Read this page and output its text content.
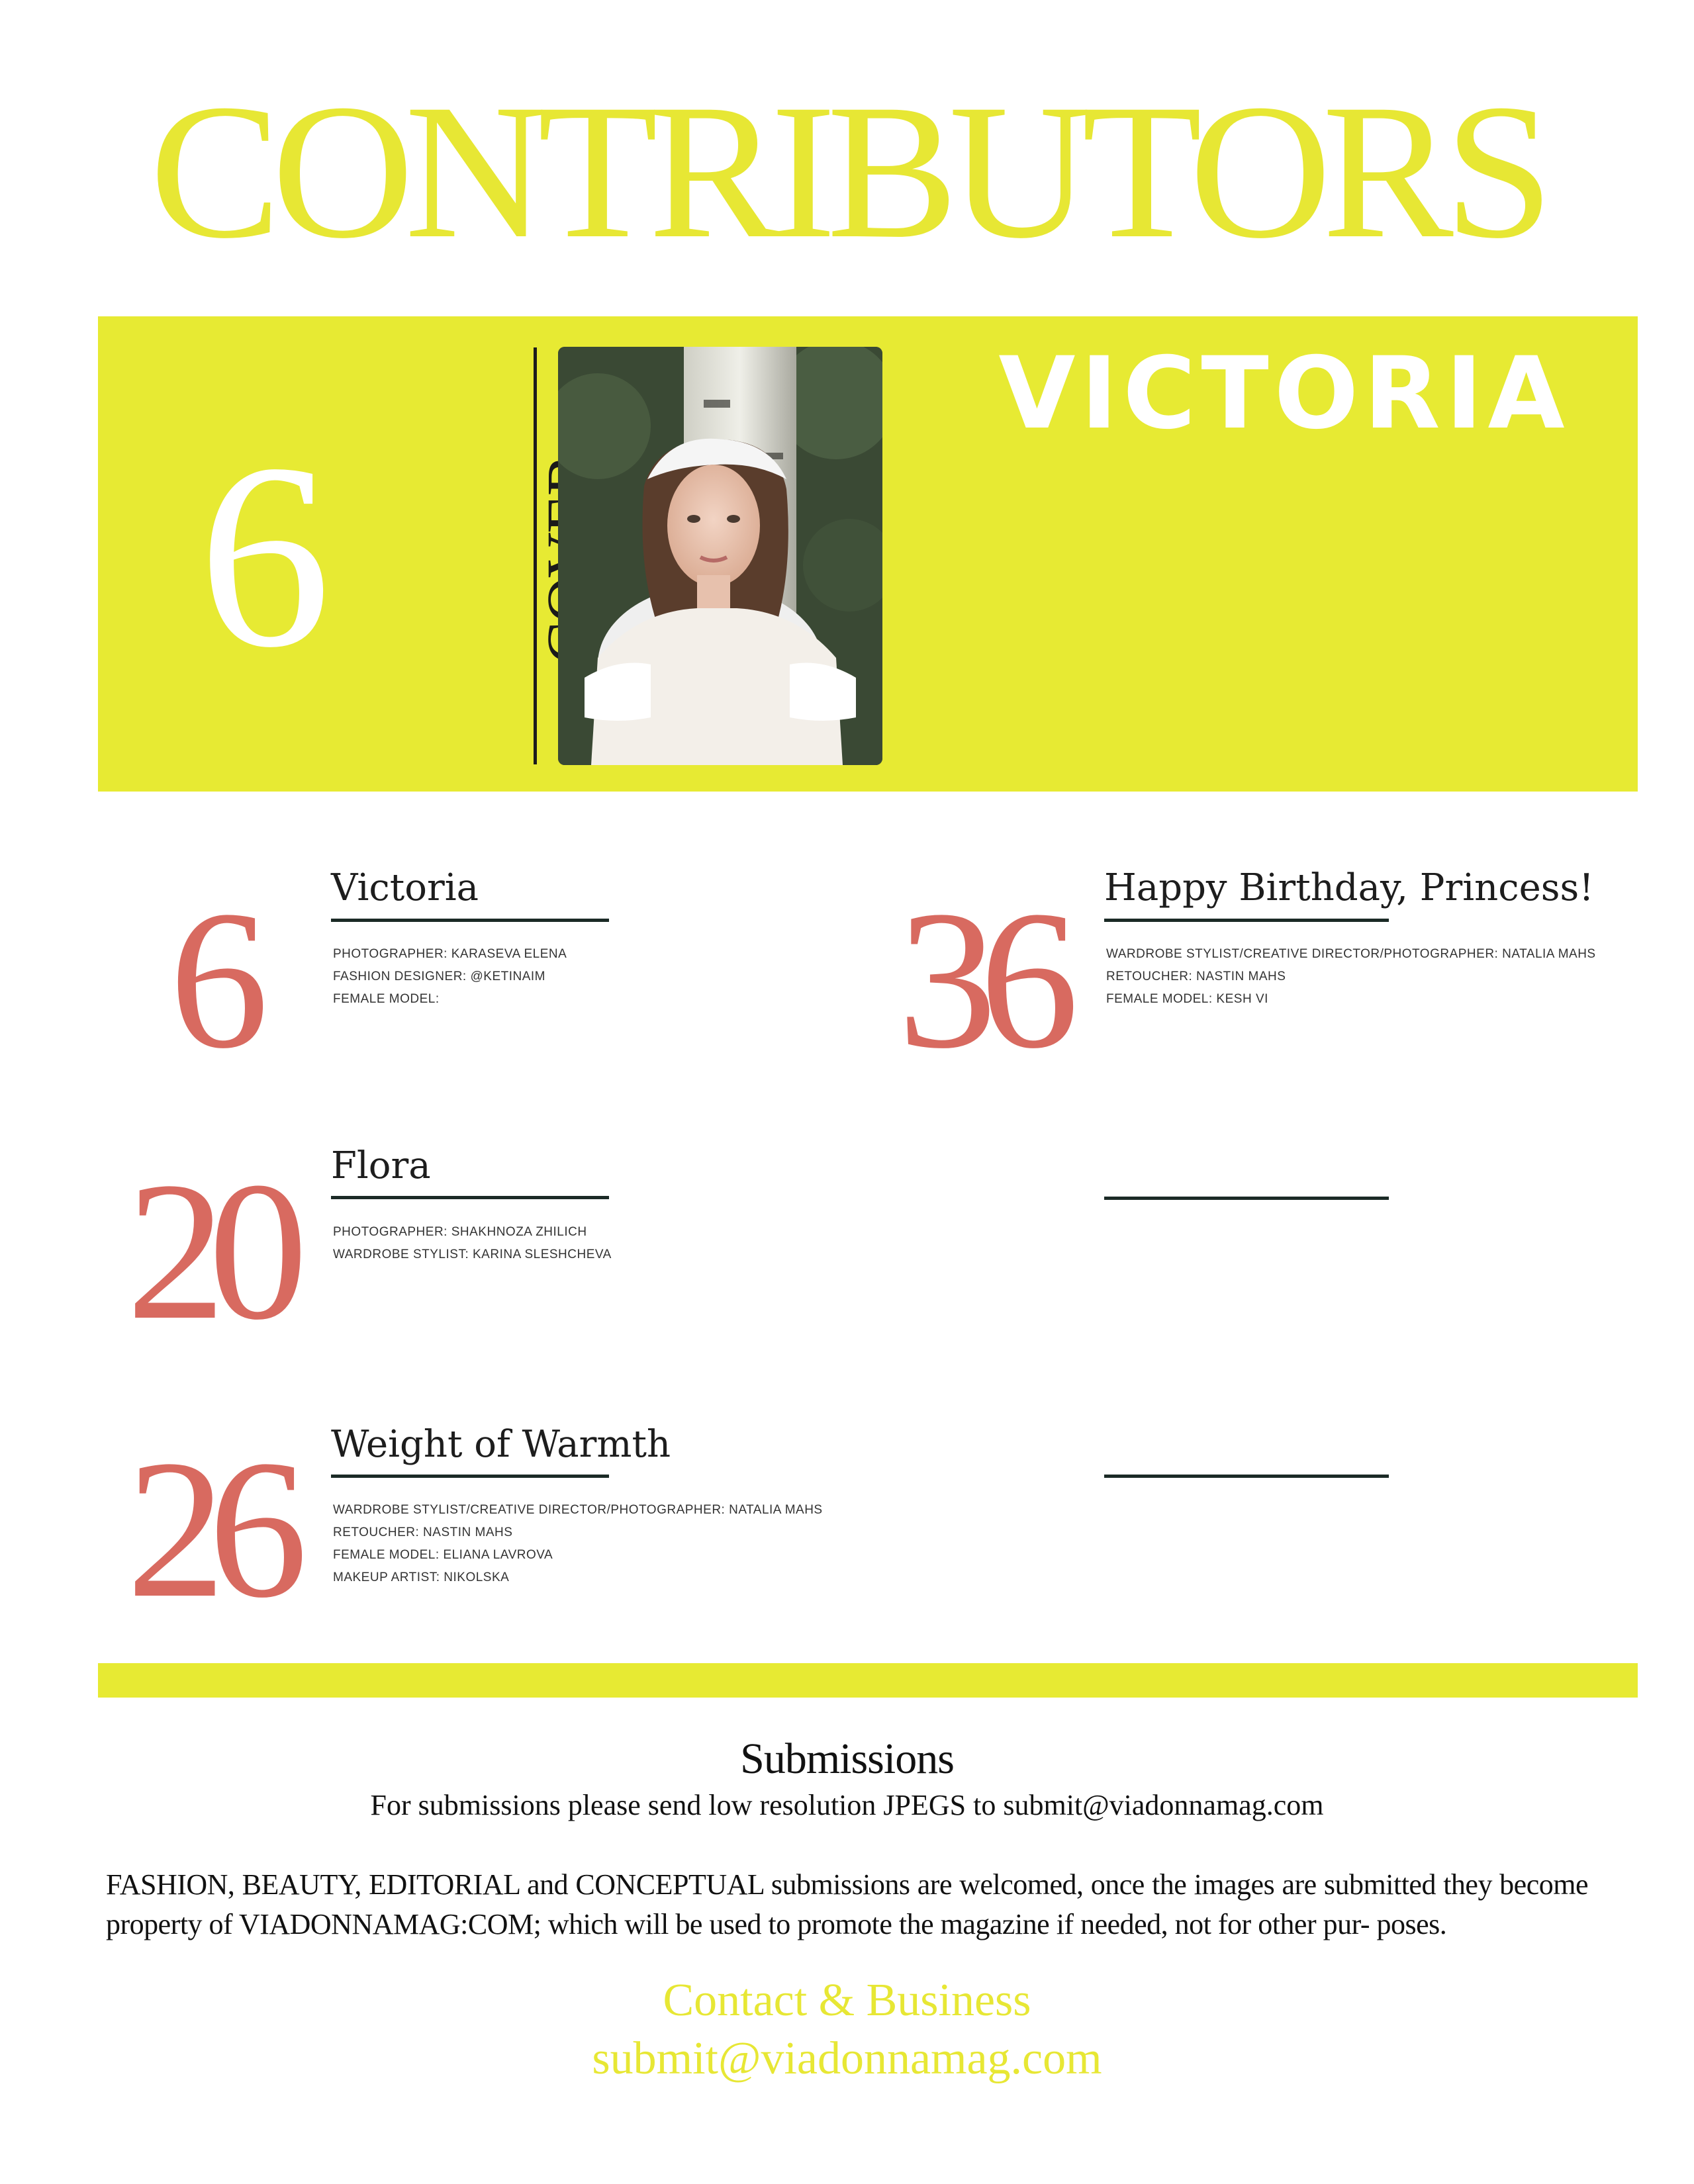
CONTRIBUTORS
6
VICTORIA
6	Victoria
PHOTOGRAPHER: KARASEVA ELENA
FASHION DESIGNER: @KETINAIM
FEMALE MODEL:
20	Flora
PHOTOGRAPHER: SHAKHNOZA ZHILICH
WARDROBE STYLIST: KARINA SLESHCHEVA
26	Weight of Warmth
WARDROBE STYLIST/CREATIVE DIRECTOR/PHOTOGRAPHER: NATALIA MAHS
RETOUCHER: NASTIN MAHS
FEMALE MODEL: ELIANA LAVROVA
MAKEUP ARTIST: NIKOLSKA
36	Happy Birthday, Princess!
WARDROBE STYLIST/CREATIVE DIRECTOR/PHOTOGRAPHER: NATALIA MAHS
RETOUCHER: NASTIN MAHS
FEMALE MODEL: KESH VI
Submissions
For submissions please send low resolution JPEGS to submit@viadonnamag.com
FASHION, BEAUTY, EDITORIAL and CONCEPTUAL submissions are welcomed, once the images are submitted they become property of VIADONNAMAG:COM; which will be used to promote the magazine if needed, not for other pur- poses.
Contact & Business
submit@viadonnamag.com
